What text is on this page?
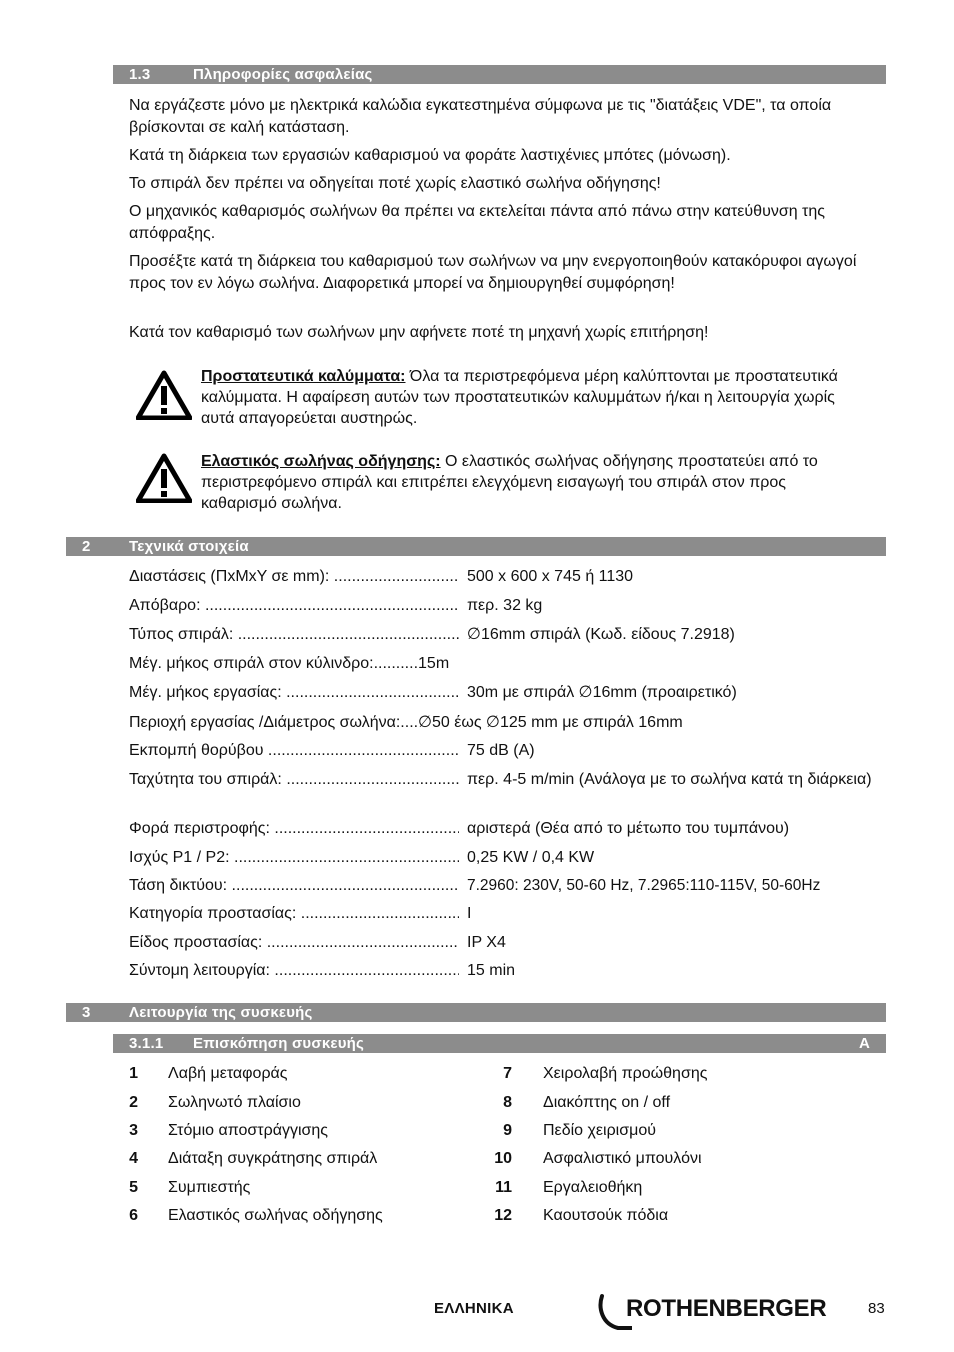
1.3	Πληροφορίες ασφαλείας

Να εργάζεστε μόνο με ηλεκτρικά καλώδια εγκατεστημένα σύμφωνα με τις "διατάξεις VDE", τα οποία βρίσκονται σε καλή κατάσταση.

Κατά τη διάρκεια των εργασιών καθαρισμού να φοράτε λαστιχένιες μπότες (μόνωση).

Το σπιράλ δεν πρέπει να οδηγείται ποτέ χωρίς ελαστικό σωλήνα οδήγησης!

Ο μηχανικός καθαρισμός σωλήνων θα πρέπει να εκτελείται πάντα από πάνω στην κατεύθυνση της απόφραξης.

Προσέξτε κατά τη διάρκεια του καθαρισμού των σωλήνων να μην ενεργοποιηθούν κατακόρυφοι αγωγοί προς τον εν λόγω σωλήνα. Διαφορετικά μπορεί να δημιουργηθεί συμφόρηση!

Κατά τον καθαρισμό των σωλήνων μην αφήνετε ποτέ τη μηχανή χωρίς επιτήρηση!

Προστατευτικά καλύμματα: Όλα τα περιστρεφόμενα μέρη καλύπτονται με προστατευτικά καλύμματα. Η αφαίρεση αυτών των προστατευτικών καλυμμάτων ή/και η λειτουργία χωρίς αυτά απαγορεύεται αυστηρώς.
Ελαστικός σωλήνας οδήγησης: Ο ελαστικός σωλήνας οδήγησης προστατεύει από το περιστρεφόμενο σπιράλ και επιτρέπει ελεγχόμενη εισαγωγή του σπιράλ στον προς καθαρισμό σωλήνα.
2	Τεχνικά στοιχεία
Διαστάσεις (ΠxΜxΥ σε mm): .....	500 x 600 x 745 ή 1130
Απόβαρο: .....	περ. 32 kg
Τύπος σπιράλ: .....	∅16mm σπιράλ (Κωδ. είδους 7.2918)
Μέγ. μήκος σπιράλ στον κύλινδρο:..........15m
Μέγ. μήκος εργασίας: .....	30m με σπιράλ ∅16mm (προαιρετικό)
Περιοχή εργασίας /Διάμετρος σωλήνα:....∅50 έως ∅125 mm με σπιράλ 16mm
Εκπομπή θορύβου .....	75 dB (A)
Ταχύτητα του σπιράλ: .....	περ. 4-5 m/min (Ανάλογα με το σωλήνα κατά τη διάρκεια)
Φορά περιστροφής: .....	αριστερά (Θέα από το μέτωπο του τυμπάνου)
Ισχύς P1 / P2: .....	0,25 KW / 0,4 KW
Τάση δικτύου: .....	7.2960: 230V, 50-60 Hz, 7.2965:110-115V, 50-60Hz
Κατηγορία προστασίας: .....	I
Είδος προστασίας: .....	IP X4
Σύντομη λειτουργία: .....	15 min
3	Λειτουργία της συσκευής
3.1.1 Επισκόπηση συσκευής	A
1 Λαβή μεταφοράς
2 Σωληνωτό πλαίσιο
3 Στόμιο αποστράγγισης
4 Διάταξη συγκράτησης σπιράλ
5 Συμπιεστής
6 Ελαστικός σωλήνας οδήγησης
7 Χειρολαβή προώθησης
8 Διακόπτης on / off
9 Πεδίο χειρισμού
10 Ασφαλιστικό μπουλόνι
11 Εργαλειοθήκη
12 Καουτσούκ πόδια
ΕΛΛΗΝΙΚΑ	ROTHENBERGER	83
